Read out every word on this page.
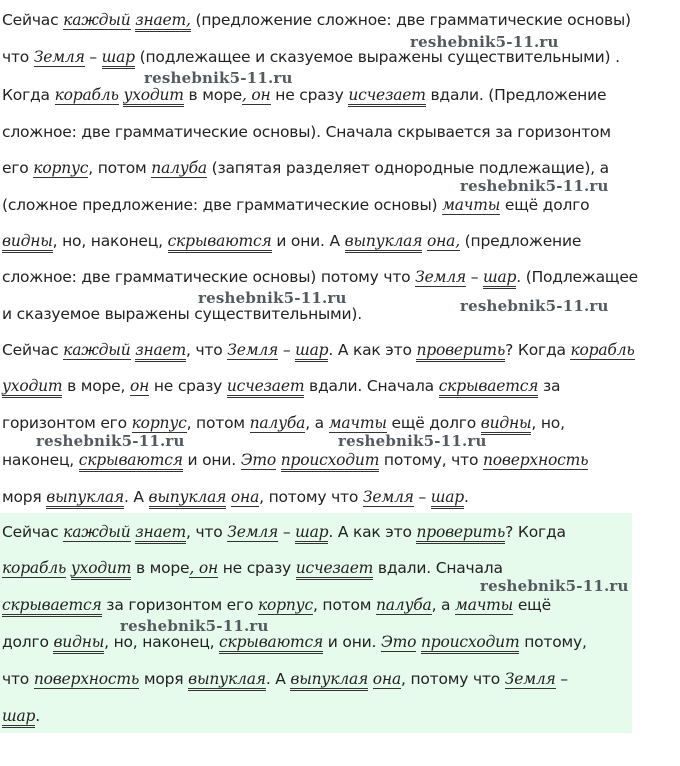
Сейчас каждый знает, (предложение сложное: две грамматические основы)
что Земля – шар (подлежащее и сказуемое выражены существительными) .
Когда корабль уходит в море, он не сразу исчезает вдали. (Предложение
сложное: две грамматические основы). Сначала скрывается за горизонтом
его корпус, потом палуба (запятая разделяет однородные подлежащие), а
(сложное предложение: две грамматические основы) мачты ещё долго
видны, но, наконец, скрываются и они. А выпуклая она, (предложение
сложное: две грамматические основы) потому что Земля – шар. (Подлежащее
и сказуемое выражены существительными).
Сейчас каждый знает, что Земля – шар. А как это проверить? Когда корабль
уходит в море, он не сразу исчезает вдали. Сначала скрывается за
горизонтом его корпус, потом палуба, а мачты ещё долго видны, но,
наконец, скрываются и они. Это происходит потому, что поверхность
моря выпуклая. А выпуклая она, потому что Земля – шар.
Сейчас каждый знает, что Земля – шар. А как это проверить? Когда
корабль уходит в море, он не сразу исчезает вдали. Сначала
скрывается за горизонтом его корпус, потом палуба, а мачты ещё
долго видны, но, наконец, скрываются и они. Это происходит потому,
что поверхность моря выпуклая. А выпуклая она, потому что Земля –
шар.
reshebnik5-11.ru
reshebnik5-11.ru
reshebnik5-11.ru
reshebnik5-11.ru	reshebnik5-11.ru
reshebnik5-11.ru	reshebnik5-11.ru
reshebnik5-11.ru
reshebnik5-11.ru
